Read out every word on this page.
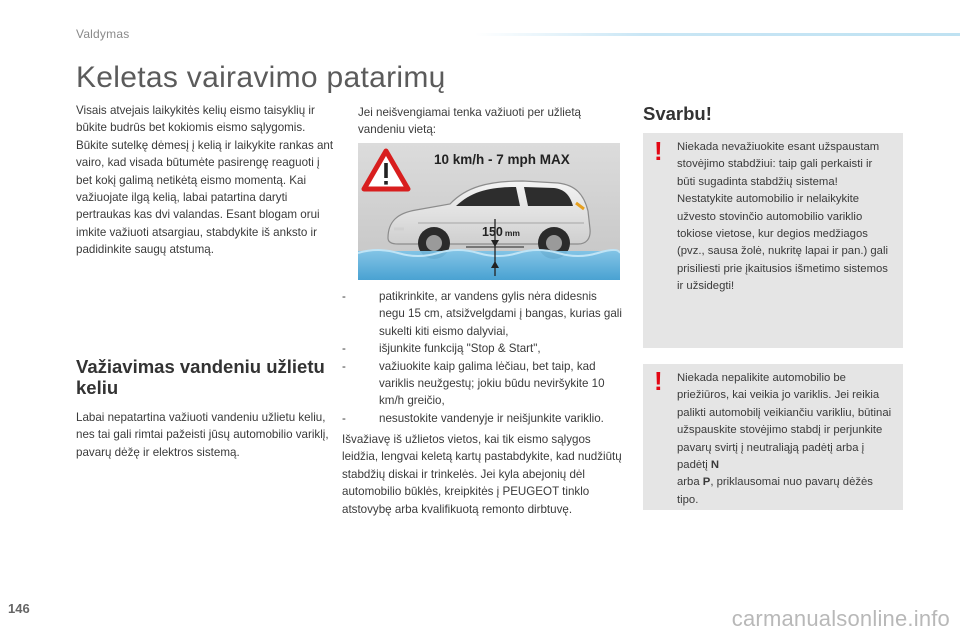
Valdymas
Keletas vairavimo patarimų

Visais atvejais laikykitės kelių eismo taisyklių ir būkite budrūs bet kokiomis eismo sąlygomis. Būkite sutelkę dėmesį į kelią ir laikykite rankas ant vairo, kad visada būtumėte pasirengę reaguoti į bet kokį galimą netikėtą eismo momentą. Kai važiuojate ilgą kelią, labai patartina daryti pertraukas kas dvi valandas. Esant blogam orui imkite važiuoti atsargiau, stabdykite iš anksto ir padidinkite saugų atstumą.

Važiavimas vandeniu užlietu keliu

Labai nepatartina važiuoti vandeniu užlietu keliu, nes tai gali rimtai pažeisti jūsų automobilio variklį, pavarų dėžę ir elektros sistemą.

Jei neišvengiamai tenka važiuoti per užlietą vandeniu vietą:

10 km/h - 7 mph MAX
150 mm
-	patikrinkite, ar vandens gylis nėra didesnis negu 15 cm, atsižvelgdami į bangas, kurias gali sukelti kiti eismo dalyviai,
-	išjunkite funkciją "Stop & Start",
-	važiuokite kaip galima lėčiau, bet taip, kad variklis neužgestų; jokiu būdu neviršykite 10 km/h greičio,
-	nesustokite vandenyje ir neišjunkite variklio.

Išvažiavę iš užlietos vietos, kai tik eismo sąlygos leidžia, lengvai keletą kartų pastabdykite, kad nudžiūtų stabdžių diskai ir trinkelės. Jei kyla abejonių dėl automobilio būklės, kreipkitės į PEUGEOT tinklo atstovybę arba kvalifikuotą remonto dirbtuvę.

Svarbu!
! Niekada nevažiuokite esant užspaustam stovėjimo stabdžiui: taip gali perkaisti ir būti sugadinta stabdžių sistema! Nestatykite automobilio ir nelaikykite užvesto stovinčio automobilio variklio tokiose vietose, kur degios medžiagos (pvz., sausa žolė, nukritę lapai ir pan.) gali prisiliesti prie įkaitusios išmetimo sistemos ir užsidegti!

! Niekada nepalikite automobilio be priežiūros, kai veikia jo variklis. Jei reikia palikti automobilį veikiančiu varikliu, būtinai užspauskite stovėjimo stabdį ir perjunkite pavarų svirtį į neutraliąją padėtį arba į padėtį N
arba P, priklausomai nuo pavarų dėžės tipo.

146	carmanualsonline.info
